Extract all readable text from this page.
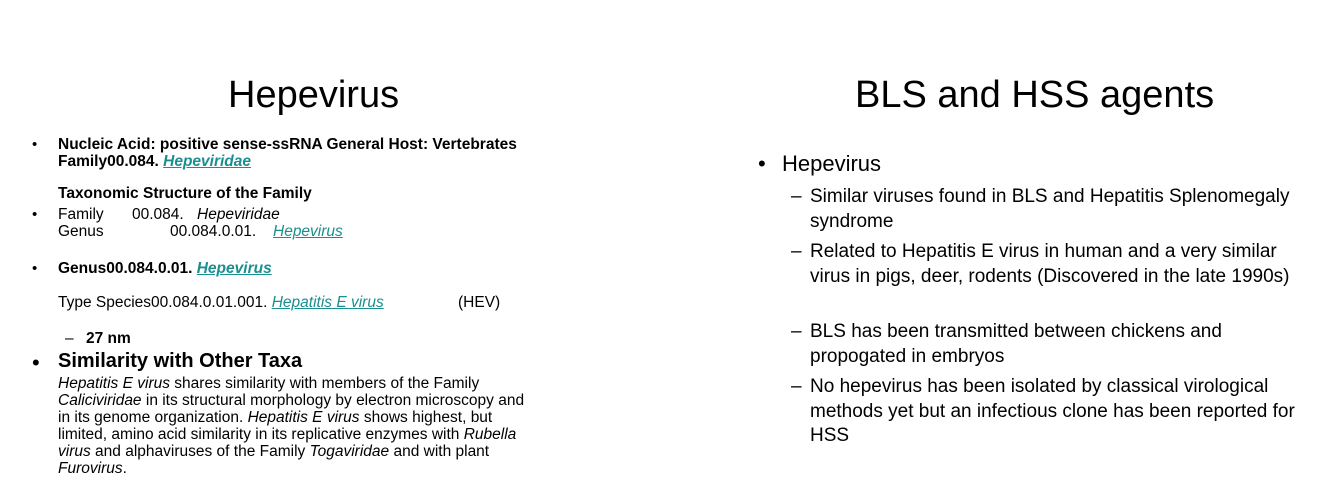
Hepevirus
• Nucleic Acid: positive sense-ssRNA General Host: Vertebrates
Family00.084. Hepeviridae
Taxonomic Structure of the Family
• Family 00.084. Hepeviridae
Genus	00.084.0.01. Hepevirus
• Genus00.084.0.01. Hepevirus
Type Species00.084.0.01.001. Hepatitis E virus	(HEV)
– 27 nm
• Similarity with Other Taxa
Hepatitis E virus shares similarity with members of the Family
Caliciviridae in its structural morphology by electron microscopy and
in its genome organization. Hepatitis E virus shows highest, but
limited, amino acid similarity in its replicative enzymes with Rubella
virus and alphaviruses of the Family Togaviridae and with plant
Furovirus.
BLS and HSS agents
• Hepevirus
– Similar viruses found in BLS and Hepatitis Splenomegaly syndrome
– Related to Hepatitis E virus in human and a very similar virus in pigs, deer, rodents (Discovered in the late 1990s)
– BLS has been transmitted between chickens and propogated in embryos
– No hepevirus has been isolated by classical virological methods yet but an infectious clone has been reported for HSS
